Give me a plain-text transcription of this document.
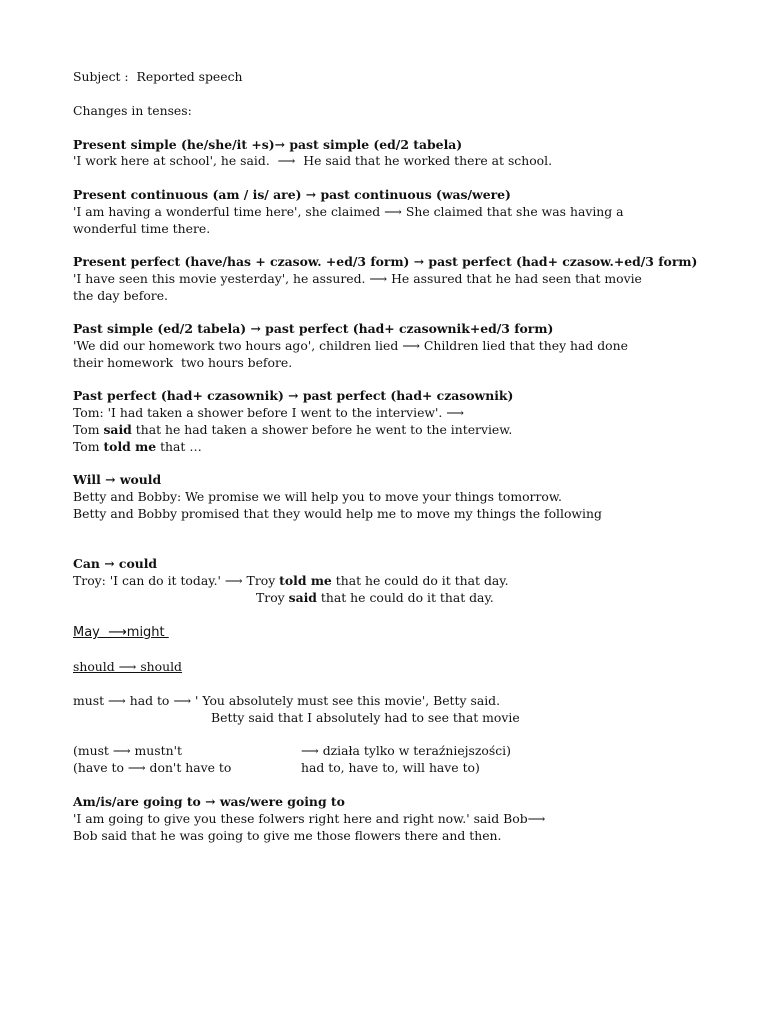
Subject :  Reported speech
Changes in tenses:
Present simple (he/she/it +s)→ past simple (ed/2 tabela)
'I work here at school', he said.  ⟶  He said that he worked there at school.
Present continuous (am / is/ are) → past continuous (was/were)
'I am having a wonderful time here', she claimed ⟶ She claimed that she was having a
wonderful time there.
Present perfect (have/has + czasow. +ed/3 form) → past perfect (had+ czasow.+ed/3 form)
'I have seen this movie yesterday', he assured. ⟶ He assured that he had seen that movie
the day before.
Past simple (ed/2 tabela) → past perfect (had+ czasownik+ed/3 form)
'We did our homework two hours ago', children lied ⟶ Children lied that they had done
their homework  two hours before.
Past perfect (had+ czasownik) → past perfect (had+ czasownik)
Tom: 'I had taken a shower before I went to the interview'. ⟶
Tom said that he had taken a shower before he went to the interview.
Tom told me that …
Will → would
Betty and Bobby: We promise we will help you to move your things tomorrow.
Betty and Bobby promised that they would help me to move my things the following
Can → could
Troy: 'I can do it today.' ⟶ Troy told me that he could do it that day.
Troy said that he could do it that day.
May  ⟶might
should ⟶ should
must ⟶ had to ⟶ ' You absolutely must see this movie', Betty said.
Betty said that I absolutely had to see that movie
(must ⟶ mustn't	⟶ działa tylko w teraźniejszości)
(have to ⟶ don't have to	had to, have to, will have to)
Am/is/are going to → was/were going to
'I am going to give you these folwers right here and right now.' said Bob⟶
Bob said that he was going to give me those flowers there and then.
